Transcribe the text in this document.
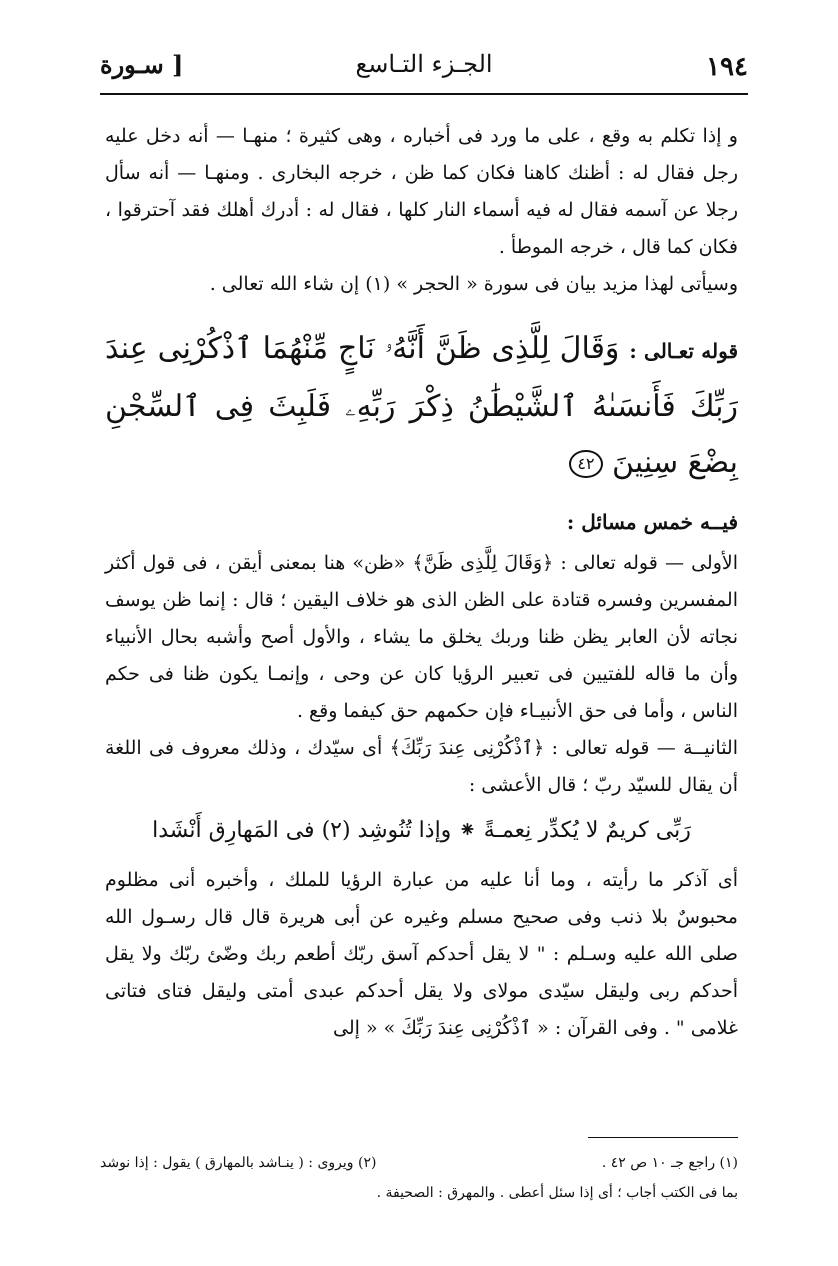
١٩٤
الجـزء التـاسع
[ سـورة

و إذا تكلم به وقع ، على ما ورد فى أخباره ، وهى كثيرة ؛ منهـا — أنه دخل عليه رجل فقال له : أظنك كاهنا فكان كما ظن ، خرجه البخارى . ومنهـا — أنه سأل رجلا عن آسمه فقال له فيه أسماء النار كلها ، فقال له : أدرك أهلك فقد آحترقوا ، فكان كما قال ، خرجه الموطأ .

وسيأتى لهذا مزيد بيان فى سورة « الحجر » (١) إن شاء الله تعالى .

قوله تعـالى : وَقَالَ لِلَّذِى ظَنَّ أَنَّهُۥ نَاجٍ مِّنْهُمَا ٱذْكُرْنِى عِندَ رَبِّكَ فَأَنسَىٰهُ ٱلشَّيْطَٰنُ ذِكْرَ رَبِّهِۦ فَلَبِثَ فِى ٱلسِّجْنِ بِضْعَ سِنِينَ ٤٢
فيــه خمس مسائل :

الأولى — قوله تعالى : ﴿وَقَالَ لِلَّذِى ظَنَّ﴾ «ظن» هنا بمعنى أيقن ، فى قول أكثر المفسرين وفسره قتادة على الظن الذى هو خلاف اليقين ؛ قال : إنما ظن يوسف نجاته لأن العابر يظن ظنا وربك يخلق ما يشاء ، والأول أصح وأشبه بحال الأنبياء وأن ما قاله للفتيين فى تعبير الرؤيا كان عن وحى ، وإنمـا يكون ظنا فى حكم الناس ، وأما فى حق الأنبيـاء فإن حكمهم حق كيفما وقع .

الثانيــة — قوله تعالى : ﴿ٱذْكُرْنِى عِندَ رَبِّكَ﴾ أى سيّدك ، وذلك معروف فى اللغة أن يقال للسيّد ربّ ؛ قال الأعشى :

رَبِّى كريمٌ لا يُكدِّر نِعمـةً ⁕ وإذا تُنُوشِد (٢) فى المَهارِق أَنْشَدا

أى آذكر ما رأيته ، وما أنا عليه من عبارة الرؤيا للملك ، وأخبره أنى مظلوم محبوسٌ بلا ذنب وفى صحيح مسلم وغيره عن أبى هريرة قال قال رسـول الله صلى الله عليه وسـلم : " لا يقل أحدكم آسق ربّك أطعم ربك وضّئ ربّك ولا يقل أحدكم ربى وليقل سيّدى مولاى ولا يقل أحدكم عبدى أمتى وليقل فتاى فتاتى غلامى " . وفى القرآن : « ٱذْكُرْنِى عِندَ رَبِّكَ » « إلى

(١) راجع جـ ١٠ ص ٤٢ .
(٢) ويروى : ( ينـاشد بالمهارق ) يقول : إذا نوشد
بما فى الكتب أجاب ؛ أى إذا سئل أعطى . والمهرق : الصحيفة .
